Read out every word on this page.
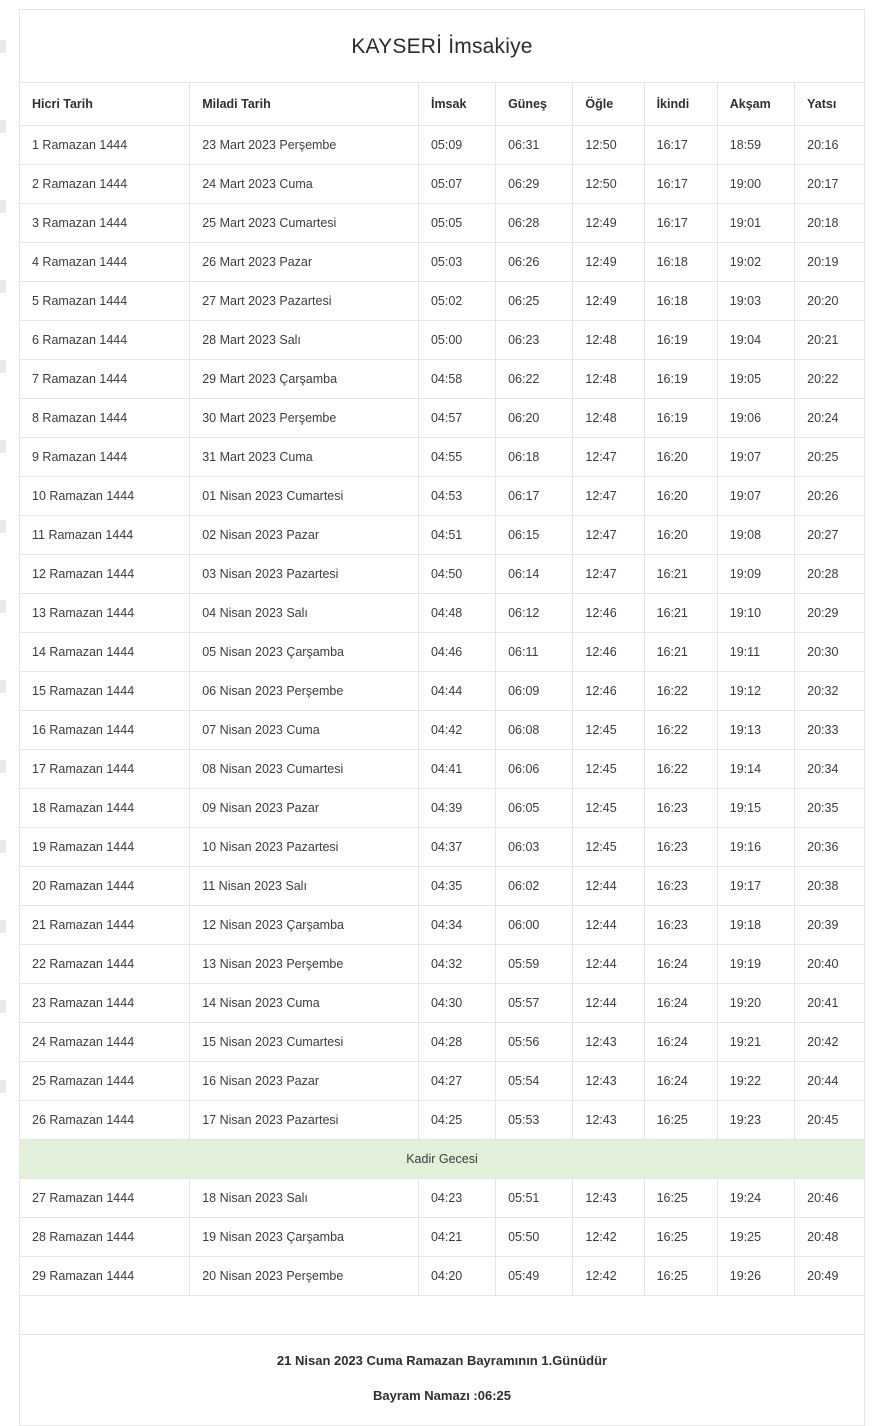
KAYSERİ İmsakiye
Hicri Tarih	Miladi Tarih	İmsak	Güneş	Öğle	İkindi	Akşam	Yatsı
1 Ramazan 1444	23 Mart 2023 Perşembe	05:09	06:31	12:50	16:17	18:59	20:16
2 Ramazan 1444	24 Mart 2023 Cuma	05:07	06:29	12:50	16:17	19:00	20:17
3 Ramazan 1444	25 Mart 2023 Cumartesi	05:05	06:28	12:49	16:17	19:01	20:18
4 Ramazan 1444	26 Mart 2023 Pazar	05:03	06:26	12:49	16:18	19:02	20:19
5 Ramazan 1444	27 Mart 2023 Pazartesi	05:02	06:25	12:49	16:18	19:03	20:20
6 Ramazan 1444	28 Mart 2023 Salı	05:00	06:23	12:48	16:19	19:04	20:21
7 Ramazan 1444	29 Mart 2023 Çarşamba	04:58	06:22	12:48	16:19	19:05	20:22
8 Ramazan 1444	30 Mart 2023 Perşembe	04:57	06:20	12:48	16:19	19:06	20:24
9 Ramazan 1444	31 Mart 2023 Cuma	04:55	06:18	12:47	16:20	19:07	20:25
10 Ramazan 1444	01 Nisan 2023 Cumartesi	04:53	06:17	12:47	16:20	19:07	20:26
11 Ramazan 1444	02 Nisan 2023 Pazar	04:51	06:15	12:47	16:20	19:08	20:27
12 Ramazan 1444	03 Nisan 2023 Pazartesi	04:50	06:14	12:47	16:21	19:09	20:28
13 Ramazan 1444	04 Nisan 2023 Salı	04:48	06:12	12:46	16:21	19:10	20:29
14 Ramazan 1444	05 Nisan 2023 Çarşamba	04:46	06:11	12:46	16:21	19:11	20:30
15 Ramazan 1444	06 Nisan 2023 Perşembe	04:44	06:09	12:46	16:22	19:12	20:32
16 Ramazan 1444	07 Nisan 2023 Cuma	04:42	06:08	12:45	16:22	19:13	20:33
17 Ramazan 1444	08 Nisan 2023 Cumartesi	04:41	06:06	12:45	16:22	19:14	20:34
18 Ramazan 1444	09 Nisan 2023 Pazar	04:39	06:05	12:45	16:23	19:15	20:35
19 Ramazan 1444	10 Nisan 2023 Pazartesi	04:37	06:03	12:45	16:23	19:16	20:36
20 Ramazan 1444	11 Nisan 2023 Salı	04:35	06:02	12:44	16:23	19:17	20:38
21 Ramazan 1444	12 Nisan 2023 Çarşamba	04:34	06:00	12:44	16:23	19:18	20:39
22 Ramazan 1444	13 Nisan 2023 Perşembe	04:32	05:59	12:44	16:24	19:19	20:40
23 Ramazan 1444	14 Nisan 2023 Cuma	04:30	05:57	12:44	16:24	19:20	20:41
24 Ramazan 1444	15 Nisan 2023 Cumartesi	04:28	05:56	12:43	16:24	19:21	20:42
25 Ramazan 1444	16 Nisan 2023 Pazar	04:27	05:54	12:43	16:24	19:22	20:44
26 Ramazan 1444	17 Nisan 2023 Pazartesi	04:25	05:53	12:43	16:25	19:23	20:45
Kadir Gecesi							
27 Ramazan 1444	18 Nisan 2023 Salı	04:23	05:51	12:43	16:25	19:24	20:46
28 Ramazan 1444	19 Nisan 2023 Çarşamba	04:21	05:50	12:42	16:25	19:25	20:48
29 Ramazan 1444	20 Nisan 2023 Perşembe	04:20	05:49	12:42	16:25	19:26	20:49

21 Nisan 2023 Cuma Ramazan Bayramının 1.Günüdür
Bayram Namazı :06:25
